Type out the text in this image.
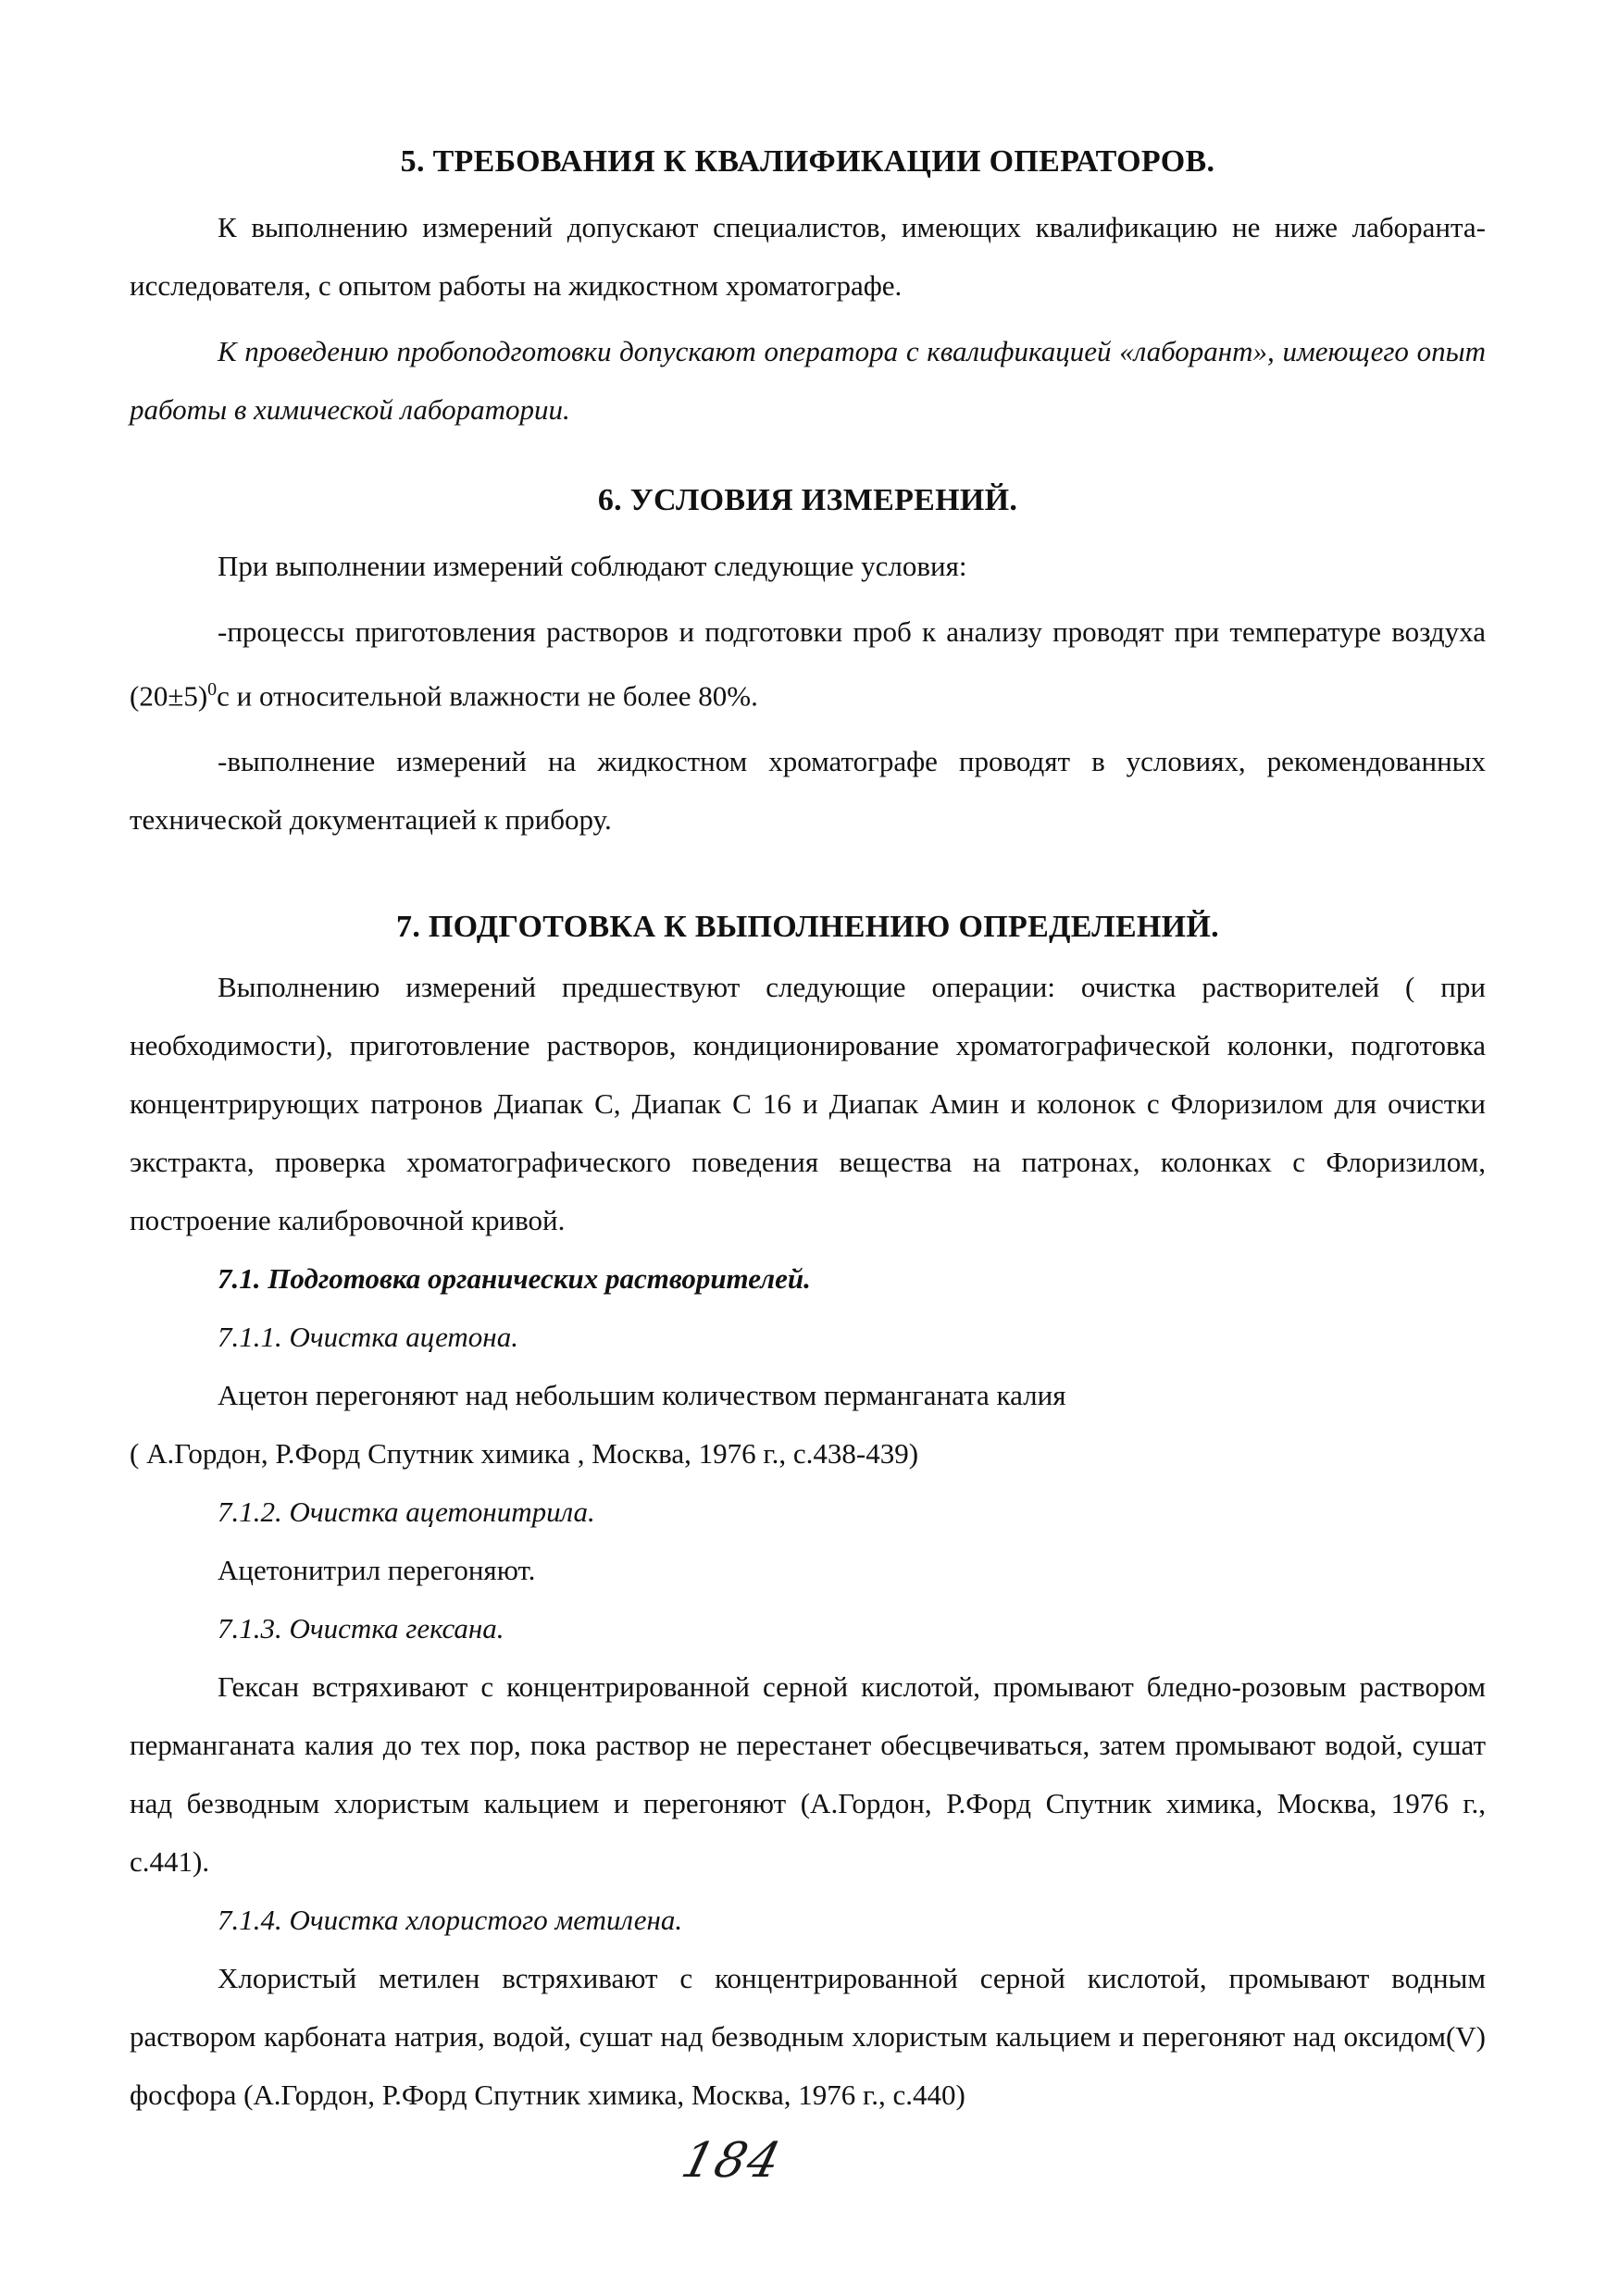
5. ТРЕБОВАНИЯ К КВАЛИФИКАЦИИ ОПЕРАТОРОВ.

К выполнению измерений допускают специалистов, имеющих квалификацию не ниже лаборанта-исследователя, с опытом работы на жидкостном хроматографе.

К проведению пробоподготовки допускают оператора с квалификацией «лаборант», имеющего опыт работы в химической лаборатории.

6. УСЛОВИЯ ИЗМЕРЕНИЙ.

При выполнении измерений соблюдают следующие условия:

-процессы приготовления растворов и подготовки проб к анализу проводят при температуре воздуха $(20\pm 5)^0с$ и относительной влажности не более 80%.

-выполнение измерений на жидкостном хроматографе проводят в условиях, рекомендованных технической документацией к прибору.

7. ПОДГОТОВКА К ВЫПОЛНЕНИЮ ОПРЕДЕЛЕНИЙ.

Выполнению измерений предшествуют следующие операции: очистка растворителей ( при необходимости), приготовление растворов, кондиционирование хроматографической колонки, подготовка концентрирующих патронов Диапак С, Диапак С 16 и Диапак Амин и колонок с Флоризилом для очистки экстракта, проверка хроматографического поведения вещества на патронах, колонках с Флоризилом, построение калибровочной кривой.

7.1. Подготовка органических растворителей.

7.1.1. Очистка ацетона.

Ацетон перегоняют над небольшим количеством перманганата калия

( А.Гордон, Р.Форд Спутник химика , Москва, 1976 г., с.438-439)

7.1.2. Очистка ацетонитрила.

Ацетонитрил перегоняют.

7.1.3. Очистка гексана.

Гексан встряхивают с концентрированной серной кислотой, промывают бледно-розовым раствором перманганата калия до тех пор, пока раствор не перестанет обесцвечиваться, затем промывают водой, сушат над безводным хлористым кальцием и перегоняют (А.Гордон, Р.Форд Спутник химика, Москва, 1976 г., с.441).

7.1.4. Очистка хлористого метилена.

Хлористый метилен встряхивают с концентрированной серной кислотой, промывают водным раствором карбоната натрия, водой, сушат над безводным хлористым кальцием и перегоняют над оксидом(V) фосфора (А.Гордон, Р.Форд Спутник химика, Москва, 1976 г., с.440)

184
